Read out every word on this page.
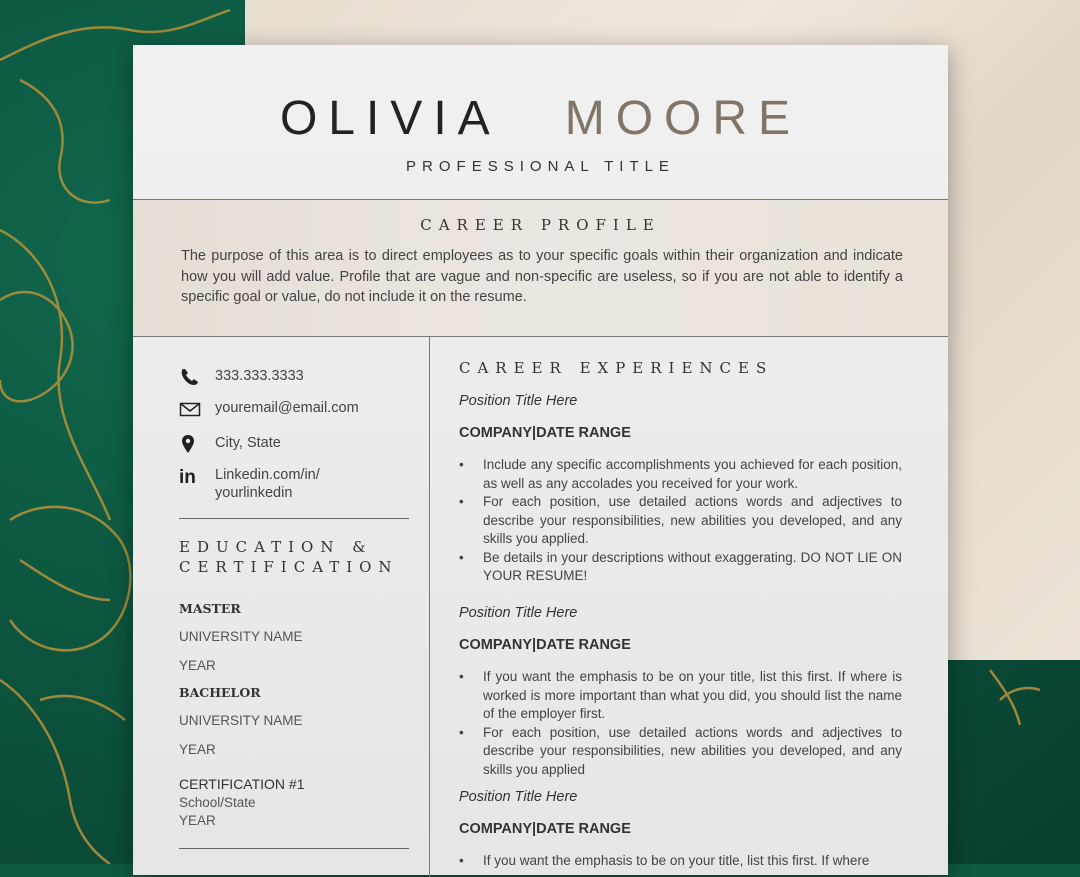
OLIVIA MOORE
PROFESSIONAL TITLE
CAREER PROFILE
The purpose of this area is to direct employees as to your specific goals within their organization and indicate how you will add value. Profile that are vague and non-specific are useless, so if you are not able to identify a specific goal or value, do not include it on the resume.
333.333.3333
youremail@email.com
City, State
in Linkedin.com/in/
yourlinkedin
EDUCATION &
CERTIFICATION
MASTER
UNIVERSITY NAME
YEAR
BACHELOR
UNIVERSITY NAME
YEAR
CERTIFICATION #1
School/State
YEAR
CAREER EXPERIENCES
Position Title Here
COMPANY|DATE RANGE
• Include any specific accomplishments you achieved for each position, as well as any accolades you received for your work.
• For each position, use detailed actions words and adjectives to describe your responsibilities, new abilities you developed, and any skills you applied.
• Be details in your descriptions without exaggerating. DO NOT LIE ON YOUR RESUME!
Position Title Here
COMPANY|DATE RANGE
• If you want the emphasis to be on your title, list this first. If where is worked is more important than what you did, you should list the name of the employer first.
• For each position, use detailed actions words and adjectives to describe your responsibilities, new abilities you developed, and any skills you applied
Position Title Here
COMPANY|DATE RANGE
• If you want the emphasis to be on your title, list this first. If where
